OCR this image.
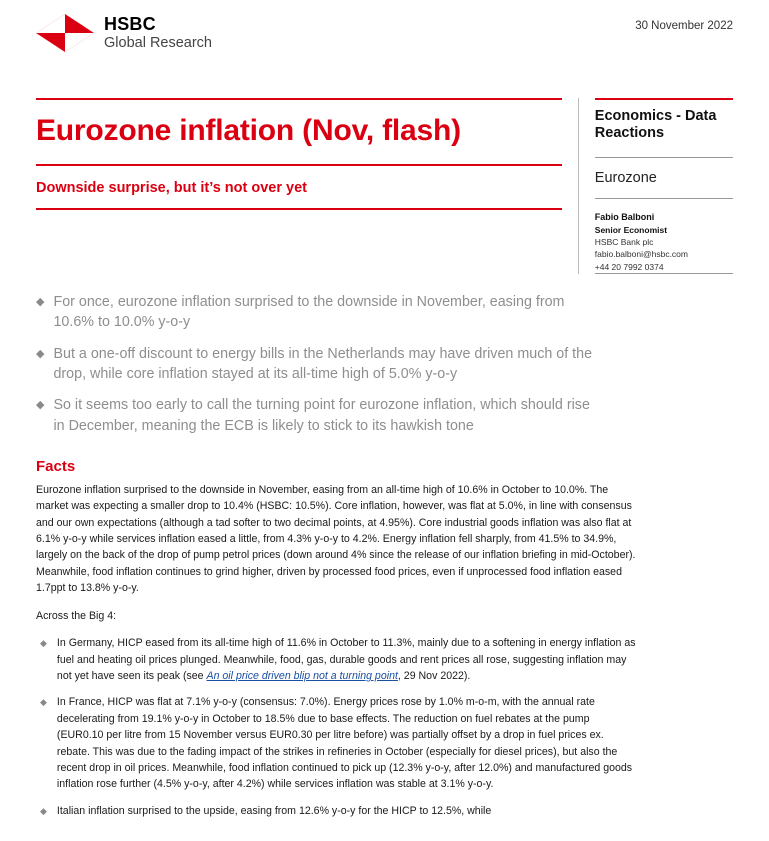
HSBC
Global Research
30 November 2022
Eurozone inflation (Nov, flash)
Downside surprise, but it’s not over yet
Economics - Data Reactions
Eurozone
Fabio Balboni
Senior Economist
HSBC Bank plc
fabio.balboni@hsbc.com
+44 20 7992 0374
◆ For once, eurozone inflation surprised to the downside in November, easing from 10.6% to 10.0% y-o-y
◆ But a one-off discount to energy bills in the Netherlands may have driven much of the drop, while core inflation stayed at its all-time high of 5.0% y-o-y
◆ So it seems too early to call the turning point for eurozone inflation, which should rise in December, meaning the ECB is likely to stick to its hawkish tone
Facts

Eurozone inflation surprised to the downside in November, easing from an all-time high of 10.6% in October to 10.0%. The market was expecting a smaller drop to 10.4% (HSBC: 10.5%). Core inflation, however, was flat at 5.0%, in line with consensus and our own expectations (although a tad softer to two decimal points, at 4.95%). Core industrial goods inflation was also flat at 6.1% y-o-y while services inflation eased a little, from 4.3% y-o-y to 4.2%. Energy inflation fell sharply, from 41.5% to 34.9%, largely on the back of the drop of pump petrol prices (down around 4% since the release of our inflation briefing in mid-October). Meanwhile, food inflation continues to grind higher, driven by processed food prices, even if unprocessed food inflation eased 1.7ppt to 13.8% y-o-y.

Across the Big 4:

◆ In Germany, HICP eased from its all-time high of 11.6% in October to 11.3%, mainly due to a softening in energy inflation as fuel and heating oil prices plunged. Meanwhile, food, gas, durable goods and rent prices all rose, suggesting inflation may not yet have seen its peak (see An oil price driven blip not a turning point, 29 Nov 2022).
◆ In France, HICP was flat at 7.1% y-o-y (consensus: 7.0%). Energy prices rose by 1.0% m-o-m, with the annual rate decelerating from 19.1% y-o-y in October to 18.5% due to base effects. The reduction on fuel rebates at the pump (EUR0.10 per litre from 15 November versus EUR0.30 per litre before) was partially offset by a drop in fuel prices ex. rebate. This was due to the fading impact of the strikes in refineries in October (especially for diesel prices), but also the recent drop in oil prices. Meanwhile, food inflation continued to pick up (12.3% y-o-y, after 12.0%) and manufactured goods inflation rose further (4.5% y-o-y, after 4.2%) while services inflation was stable at 3.1% y-o-y.
◆ Italian inflation surprised to the upside, easing from 12.6% y-o-y for the HICP to 12.5%, while
